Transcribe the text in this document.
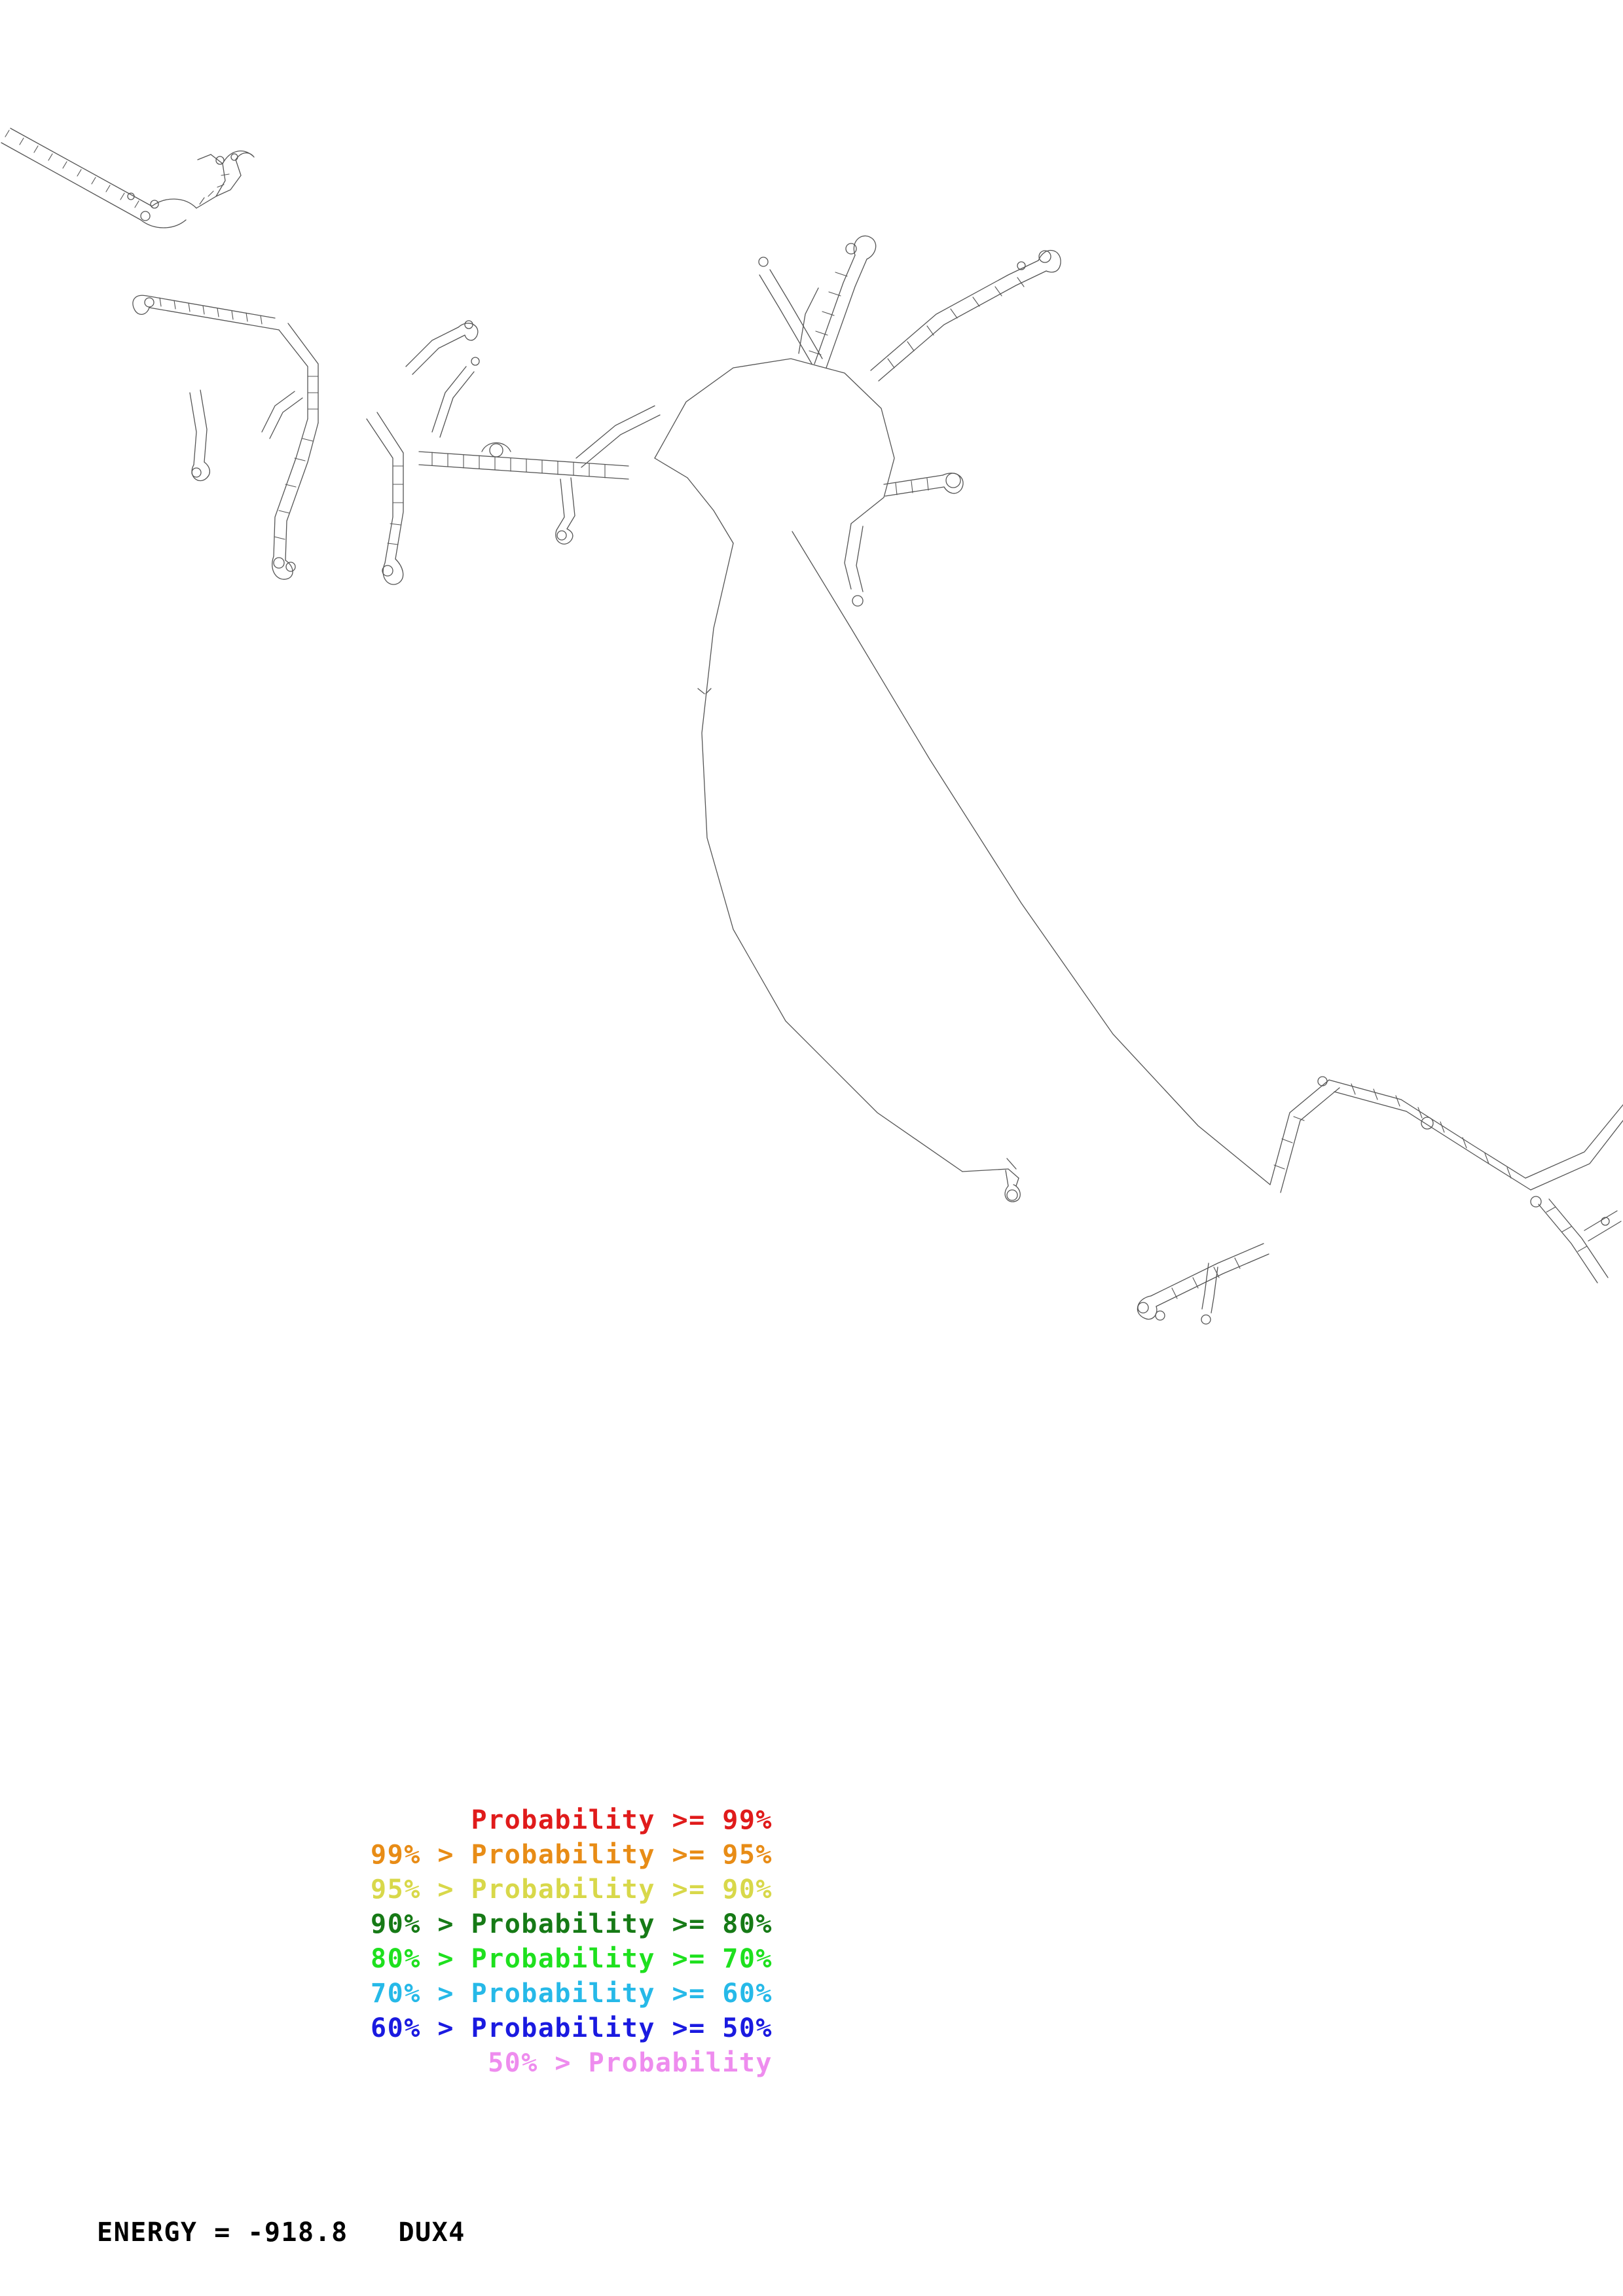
Probability >= 99%
99% > Probability >= 95%
95% > Probability >= 90%
90% > Probability >= 80%
80% > Probability >= 70%
70% > Probability >= 60%
60% > Probability >= 50%
50% > Probability
ENERGY = -918.8   DUX4
